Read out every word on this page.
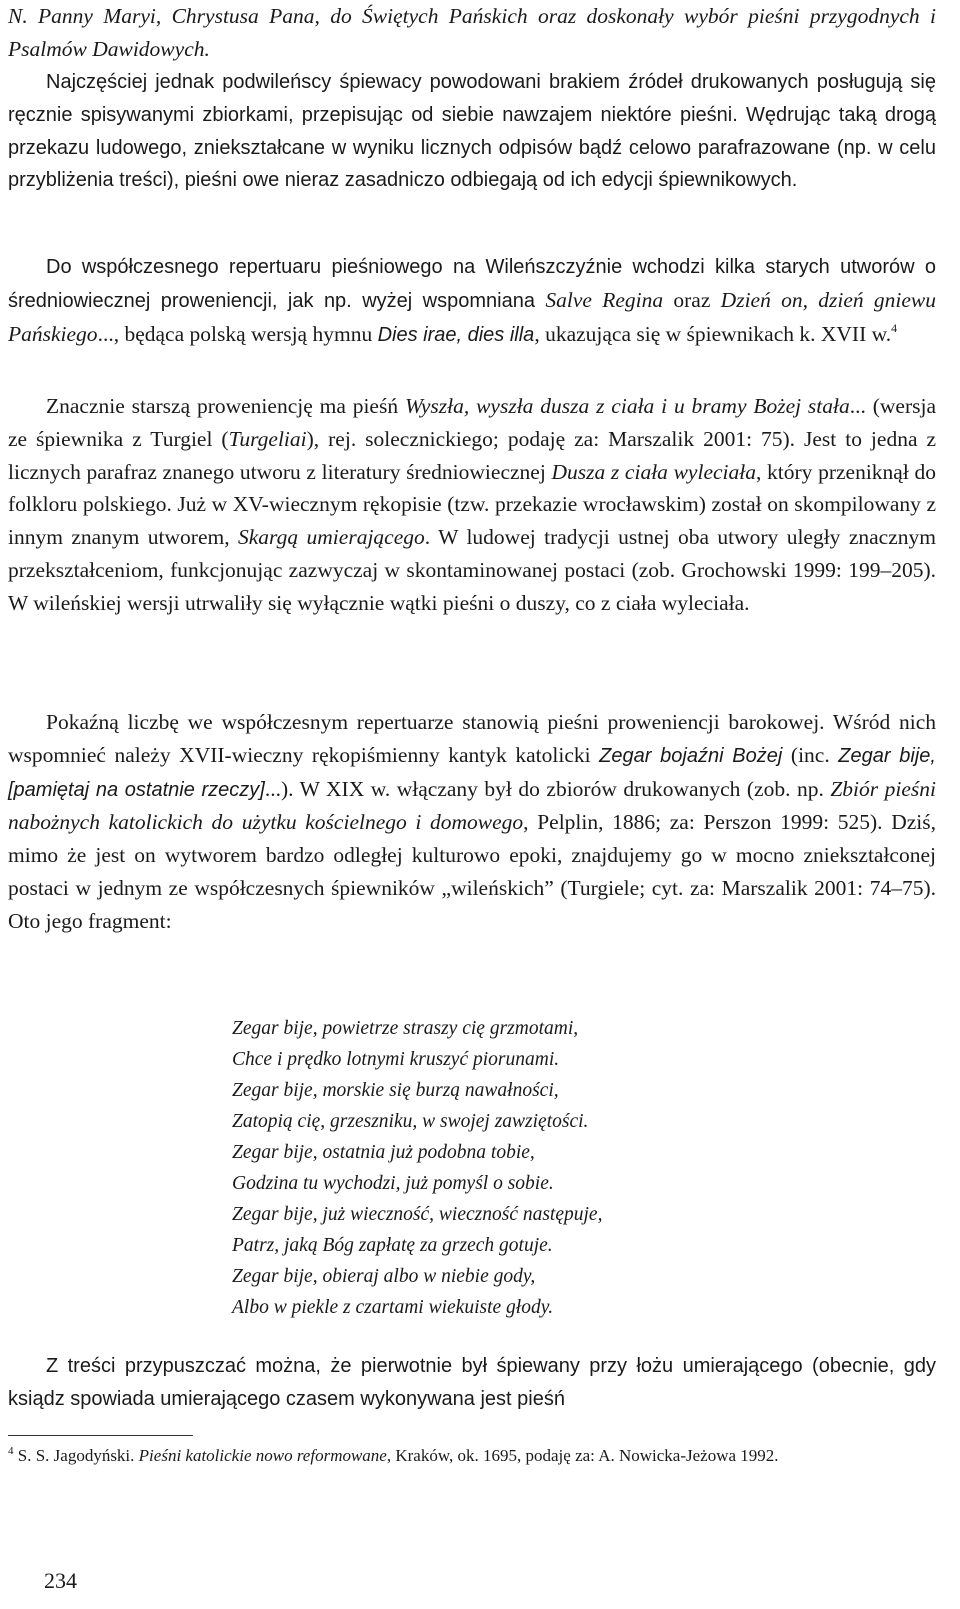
N. Panny Maryi, Chrystusa Pana, do Świętych Pańskich oraz doskonały wybór pieśni przygodnych i Psalmów Dawidowych.

Najczęściej jednak podwileńscy śpiewacy powodowani brakiem źródeł drukowanych posługują się ręcznie spisywanymi zbiorkami, przepisując od siebie nawzajem niektóre pieśni. Wędrując taką drogą przekazu ludowego, zniekształcane w wyniku licznych odpisów bądź celowo parafrazowane (np. w celu przybliżenia treści), pieśni owe nieraz zasadniczo odbiegają od ich edycji śpiewnikowych.

Do współczesnego repertuaru pieśniowego na Wileńszczyźnie wchodzi kilka starych utworów o średniowiecznej proweniencji, jak np. wyżej wspomniana Salve Regina oraz Dzień on, dzień gniewu Pańskiego..., będąca polską wersją hymnu Dies irae, dies illa, ukazująca się w śpiewnikach k. XVII w.$^4$

Znacznie starszą proweniencję ma pieśń Wyszła, wyszła dusza z ciała i u bramy Bożej stała... (wersja ze śpiewnika z Turgiel (Turgeliai), rej. solecznickiego; podaję za: Marszalik 2001: 75). Jest to jedna z licznych parafraz znanego utworu z literatury średniowiecznej Dusza z ciała wyleciała, który przeniknął do folkloru polskiego. Już w XV-wiecznym rękopisie (tzw. przekazie wrocławskim) został on skompilowany z innym znanym utworem, Skargą umierającego. W ludowej tradycji ustnej oba utwory uległy znacznym przekształceniom, funkcjonując zazwyczaj w skontaminowanej postaci (zob. Grochowski 1999: 199–205). W wileńskiej wersji utrwaliły się wyłącznie wątki pieśni o duszy, co z ciała wyleciała.

Pokaźną liczbę we współczesnym repertuarze stanowią pieśni proweniencji barokowej. Wśród nich wspomnieć należy XVII-wieczny rękopiśmienny kantyk katolicki Zegar bojaźni Bożej (inc. Zegar bije, [pamiętaj na ostatnie rzeczy]...). W XIX w. włączany był do zbiorów drukowanych (zob. np. Zbiór pieśni nabożnych katolickich do użytku kościelnego i domowego, Pelplin, 1886; za: Perszon 1999: 525). Dziś, mimo że jest on wytworem bardzo odległej kulturowo epoki, znajdujemy go w mocno zniekształconej postaci w jednym ze współczesnych śpiewników „wileńskich” (Turgiele; cyt. za: Marszalik 2001: 74–75). Oto jego fragment:

Zegar bije, powietrze straszy cię grzmotami,
Chce i prędko lotnymi kruszyć piorunami.
Zegar bije, morskie się burzą nawałności,
Zatopią cię, grzeszniku, w swojej zawziętości.
Zegar bije, ostatnia już podobna tobie,
Godzina tu wychodzi, już pomyśl o sobie.
Zegar bije, już wieczność, wieczność następuje,
Patrz, jaką Bóg zapłatę za grzech gotuje.
Zegar bije, obieraj albo w niebie gody,
Albo w piekle z czartami wiekuiste głody.

Z treści przypuszczać można, że pierwotnie był śpiewany przy łożu umierającego (obecnie, gdy ksiądz spowiada umierającego czasem wykonywana jest pieśń

$^4$ S. S. Jagodyński. Pieśni katolickie nowo reformowane, Kraków, ok. 1695, podaję za: A. Nowicka-Jeżowa 1992.

234
